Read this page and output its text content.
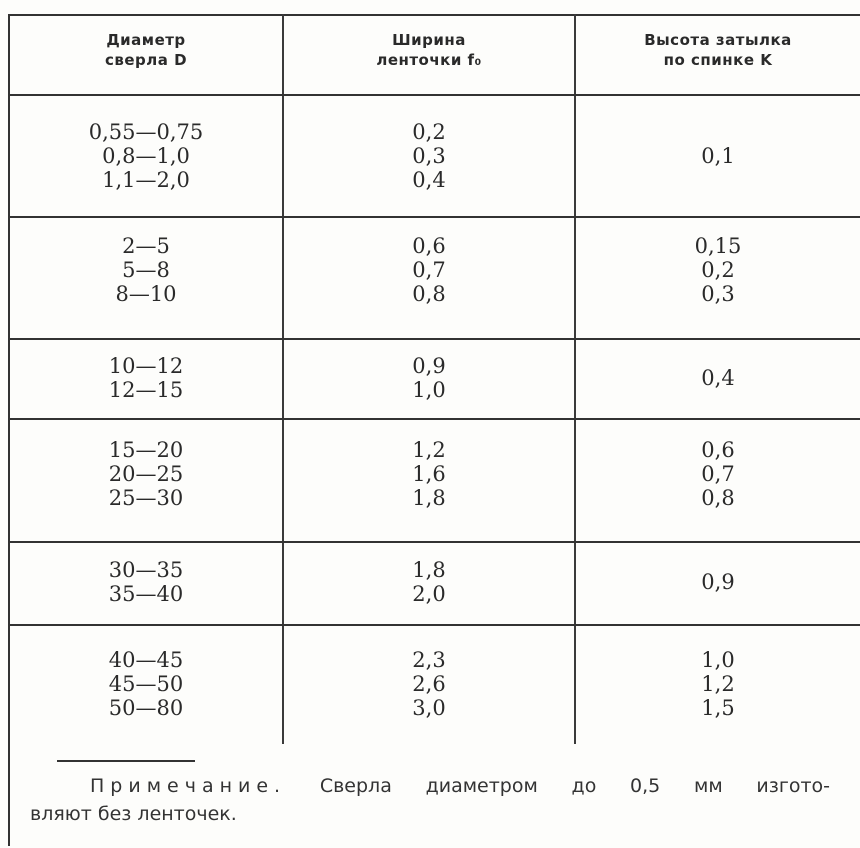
Диаметр
сверла D
Ширина
ленточки f₀
Высота затылка
по спинке K
0,55—0,75
0,8—1,0
1,1—2,0
0,2
0,3
0,4
0,1
2—5
5—8
8—10
0,6
0,7
0,8
0,15
0,2
0,3
10—12
12—15
0,9
1,0	0,4
15—20
20—25
25—30
1,2
1,6
1,8
0,6
0,7
0,8
30—35
35—40
1,8
2,0	0,9
40—45
45—50
50—80
2,3
2,6
3,0
1,0
1,2
1,5
Примечание. Сверла диаметром до 0,5 мм изгото-
вляют без ленточек.
